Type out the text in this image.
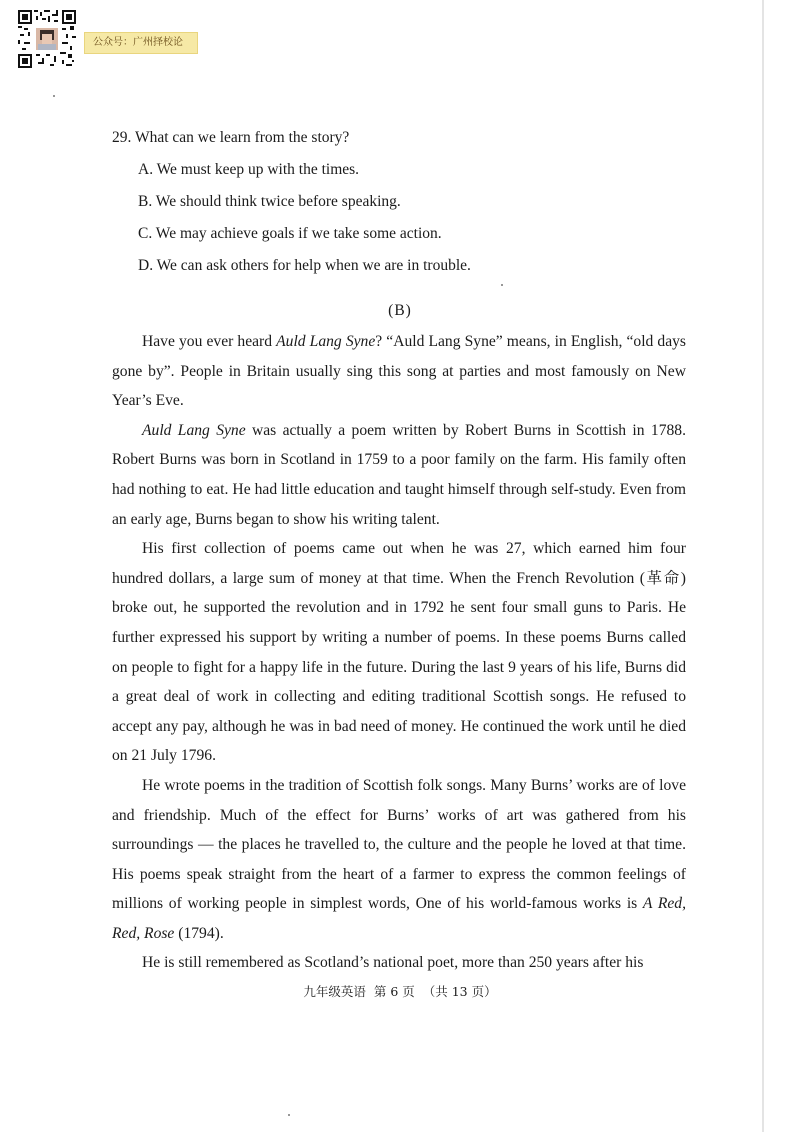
公众号：广州择校论
29. What can we learn from the story?
A. We must keep up with the times.
B. We should think twice before speaking.
C. We may achieve goals if we take some action.
D. We can ask others for help when we are in trouble.
(B)

Have you ever heard Auld Lang Syne? “Auld Lang Syne” means, in English, “old days gone by”. People in Britain usually sing this song at parties and most famously on New Year’s Eve.

Auld Lang Syne was actually a poem written by Robert Burns in Scottish in 1788. Robert Burns was born in Scotland in 1759 to a poor family on the farm. His family often had nothing to eat. He had little education and taught himself through self-study. Even from an early age, Burns began to show his writing talent.

His first collection of poems came out when he was 27, which earned him four hundred dollars, a large sum of money at that time. When the French Revolution (革命) broke out, he supported the revolution and in 1792 he sent four small guns to Paris. He further expressed his support by writing a number of poems. In these poems Burns called on people to fight for a happy life in the future. During the last 9 years of his life, Burns did a great deal of work in collecting and editing traditional Scottish songs. He refused to accept any pay, although he was in bad need of money. He continued the work until he died on 21 July 1796.

He wrote poems in the tradition of Scottish folk songs. Many Burns’ works are of love and friendship. Much of the effect for Burns’ works of art was gathered from his surroundings — the places he travelled to, the culture and the people he loved at that time. His poems speak straight from the heart of a farmer to express the common feelings of millions of working people in simplest words, One of his world-famous works is A Red, Red, Rose (1794).

He is still remembered as Scotland’s national poet, more than 250 years after his

九年级英语  第 6 页  （共 13 页）
